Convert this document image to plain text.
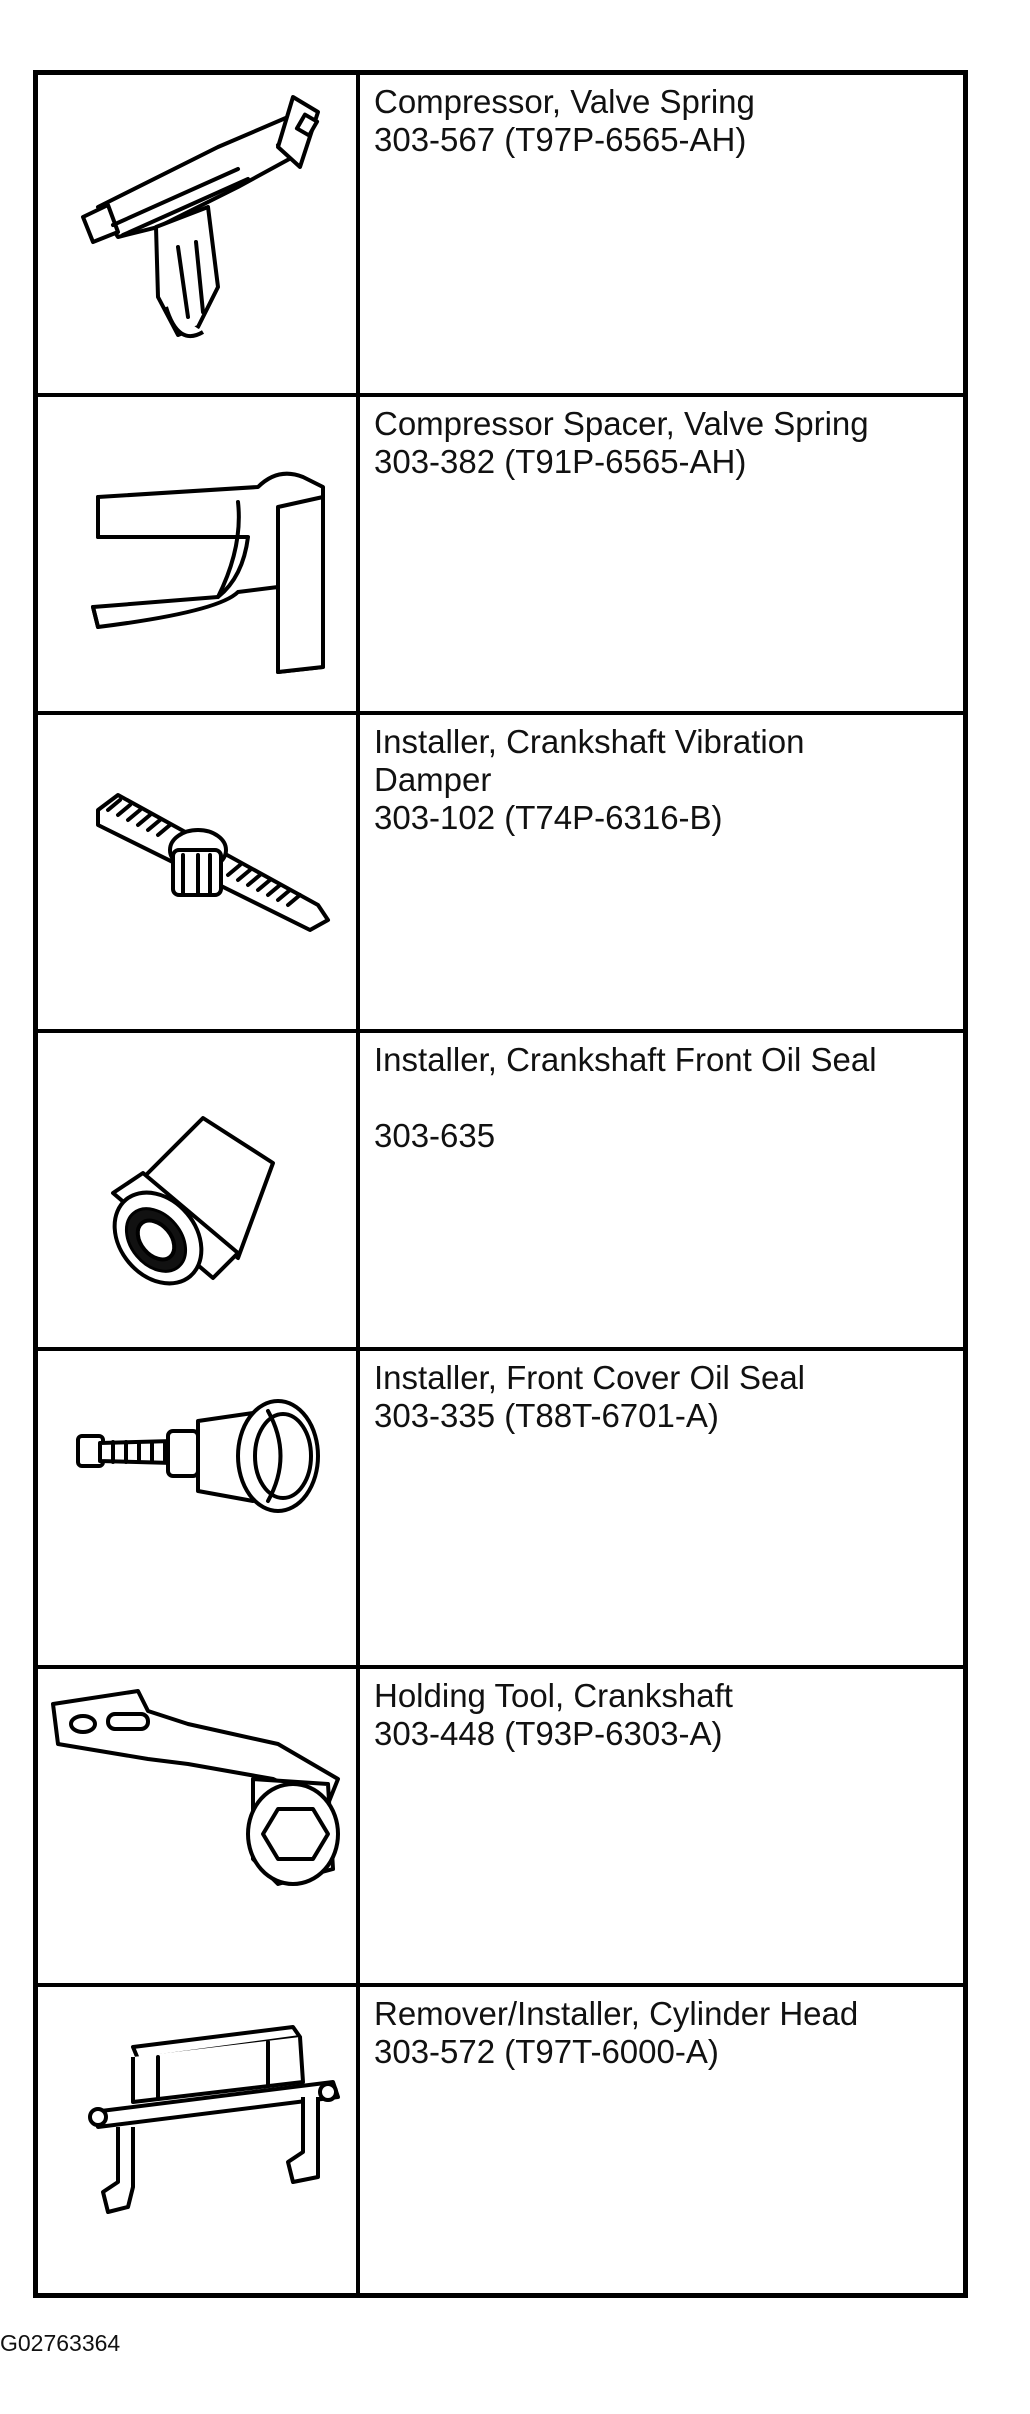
Compressor, Valve Spring
303-567 (T97P-6565-AH)
Compressor Spacer, Valve Spring
303-382 (T91P-6565-AH)
Installer, Crankshaft Vibration
Damper
303-102 (T74P-6316-B)
Installer, Crankshaft Front Oil Seal
303-635
Installer, Front Cover Oil Seal
303-335 (T88T-6701-A)
Holding Tool, Crankshaft
303-448 (T93P-6303-A)
Remover/Installer, Cylinder Head
303-572 (T97T-6000-A)
G02763364
